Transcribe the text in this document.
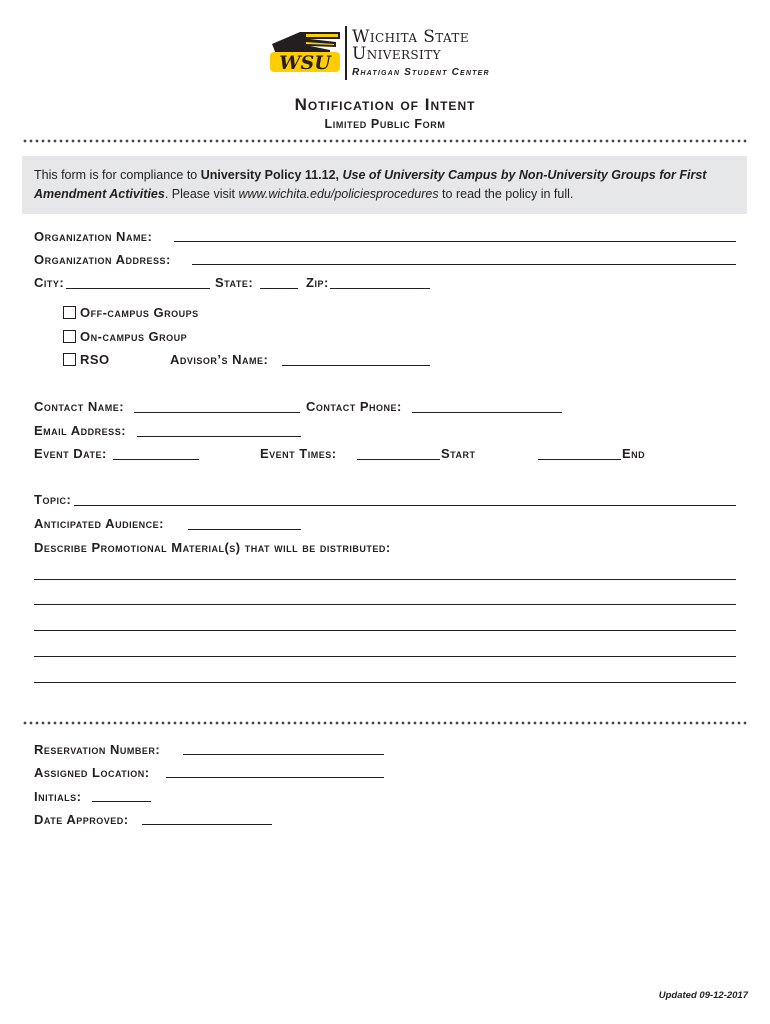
WSU
Wichita State
University
Rhatigan Student Center
Notification of Intent
Limited Public Form
This form is for compliance to University Policy 11.12, Use of University Campus by Non-University Groups for First Amendment Activities. Please visit www.wichita.edu/policiesprocedures to read the policy in full.
Organization Name:
Organization Address:
City:	State:	Zip:
Off-campus Groups
On-campus Group
RSO	Advisor’s Name:
Contact Name:	Contact Phone:
Email Address:
Event Date:	Event Times:	Start	End
Topic:
Anticipated Audience:
Describe Promotional Material(s) that will be distributed:
Reservation Number:
Assigned Location:
Initials:
Date Approved:
Updated 09-12-2017
